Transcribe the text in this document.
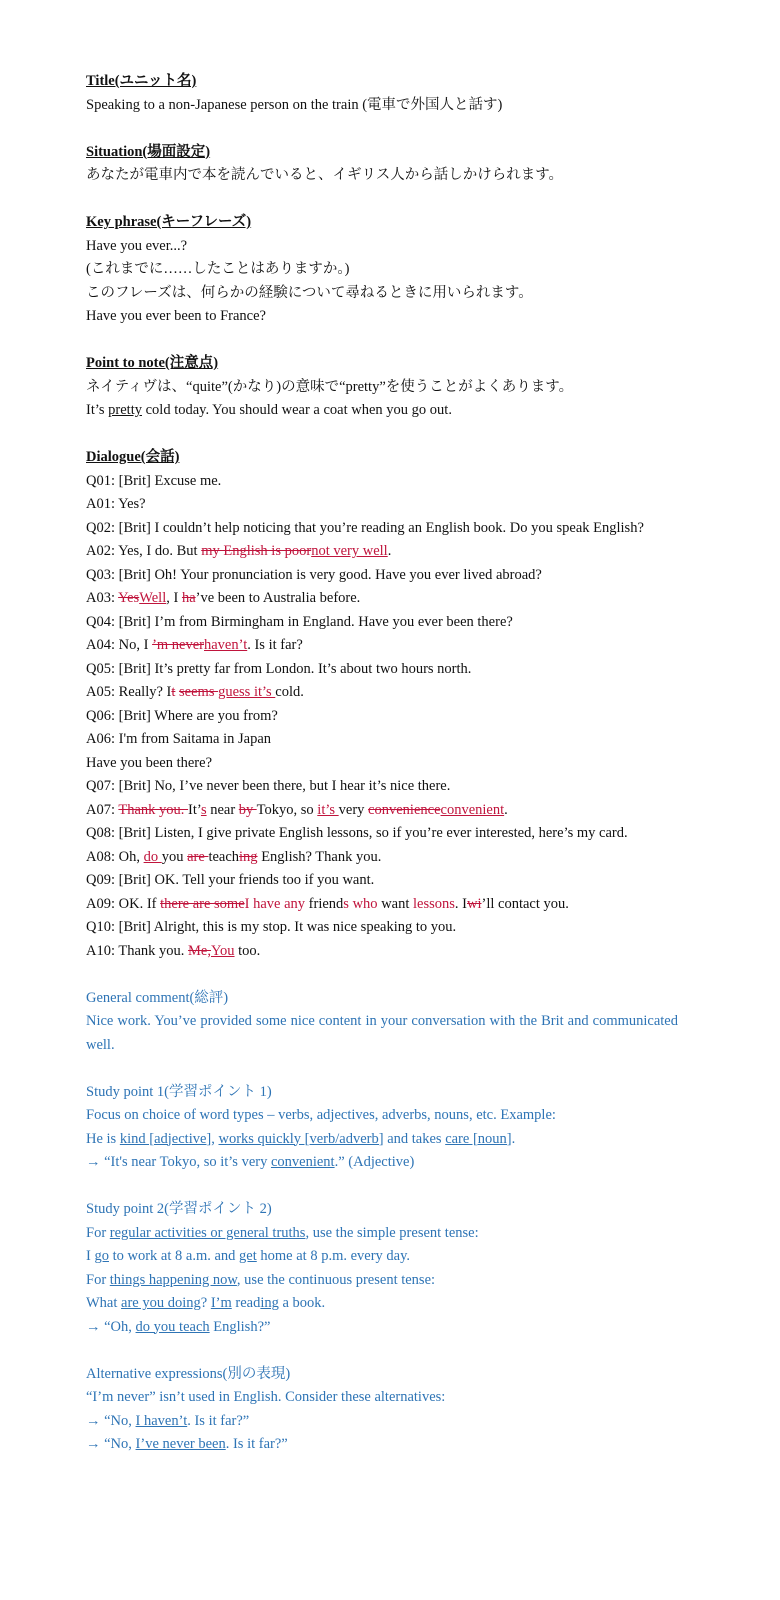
Title(ユニット名)
Speaking to a non-Japanese person on the train (電車で外国人と話す)
Situation(場面設定)
あなたが電車内で本を読んでいると、イギリス人から話しかけられます。
Key phrase(キーフレーズ)
Have you ever...?
(これまでに……したことはありますか。)
このフレーズは、何らかの経験について尋ねるときに用いられます。
Have you ever been to France?
Point to note(注意点)
ネイティヴは、“quite”(かなり)の意味で“pretty”を使うことがよくあります。
It’s pretty cold today. You should wear a coat when you go out.
Dialogue(会話)
Q01: [Brit] Excuse me.
A01: Yes?
Q02: [Brit] I couldn’t help noticing that you’re reading an English book. Do you speak English?
A02: Yes, I do. But my English is poornot very well.
Q03: [Brit] Oh! Your pronunciation is very good. Have you ever lived abroad?
A03: YesWell, I ha’ve been to Australia before.
Q04: [Brit] I’m from Birmingham in England. Have you ever been there?
A04: No, I ’m neverhaven’t. Is it far?
Q05: [Brit] It’s pretty far from London. It’s about two hours north.
A05: Really? It seems guess it’s cold.
Q06: [Brit] Where are you from?
A06: I'm from Saitama in Japan
Have you been there?
Q07: [Brit] No, I’ve never been there, but I hear it’s nice there.
A07: Thank you. It’s near by Tokyo, so it’s very convenienceconvenient.
Q08: [Brit] Listen, I give private English lessons, so if you’re ever interested, here’s my card.
A08: Oh, do you are teaching English? Thank you.
Q09: [Brit] OK. Tell your friends too if you want.
A09: OK. If there are someI have any friends who want lessons. Iwi’ll contact you.
Q10: [Brit] Alright, this is my stop. It was nice speaking to you.
A10: Thank you. Me,You too.
General comment(総評)
Nice work. You’ve provided some nice content in your conversation with the Brit and communicated well.
Study point 1(学習ポイント 1)
Focus on choice of word types – verbs, adjectives, adverbs, nouns, etc. Example:
He is kind [adjective], works quickly [verb/adverb] and takes care [noun].
→ “It's near Tokyo, so it’s very convenient.” (Adjective)
Study point 2(学習ポイント 2)
For regular activities or general truths, use the simple present tense:
I go to work at 8 a.m. and get home at 8 p.m. every day.
For things happening now, use the continuous present tense:
What are you doing? I’m reading a book.
→ “Oh, do you teach English?”
Alternative expressions(別の表現)
“I’m never” isn’t used in English. Consider these alternatives:
→ “No, I haven’t. Is it far?”
→ “No, I’ve never been. Is it far?”
